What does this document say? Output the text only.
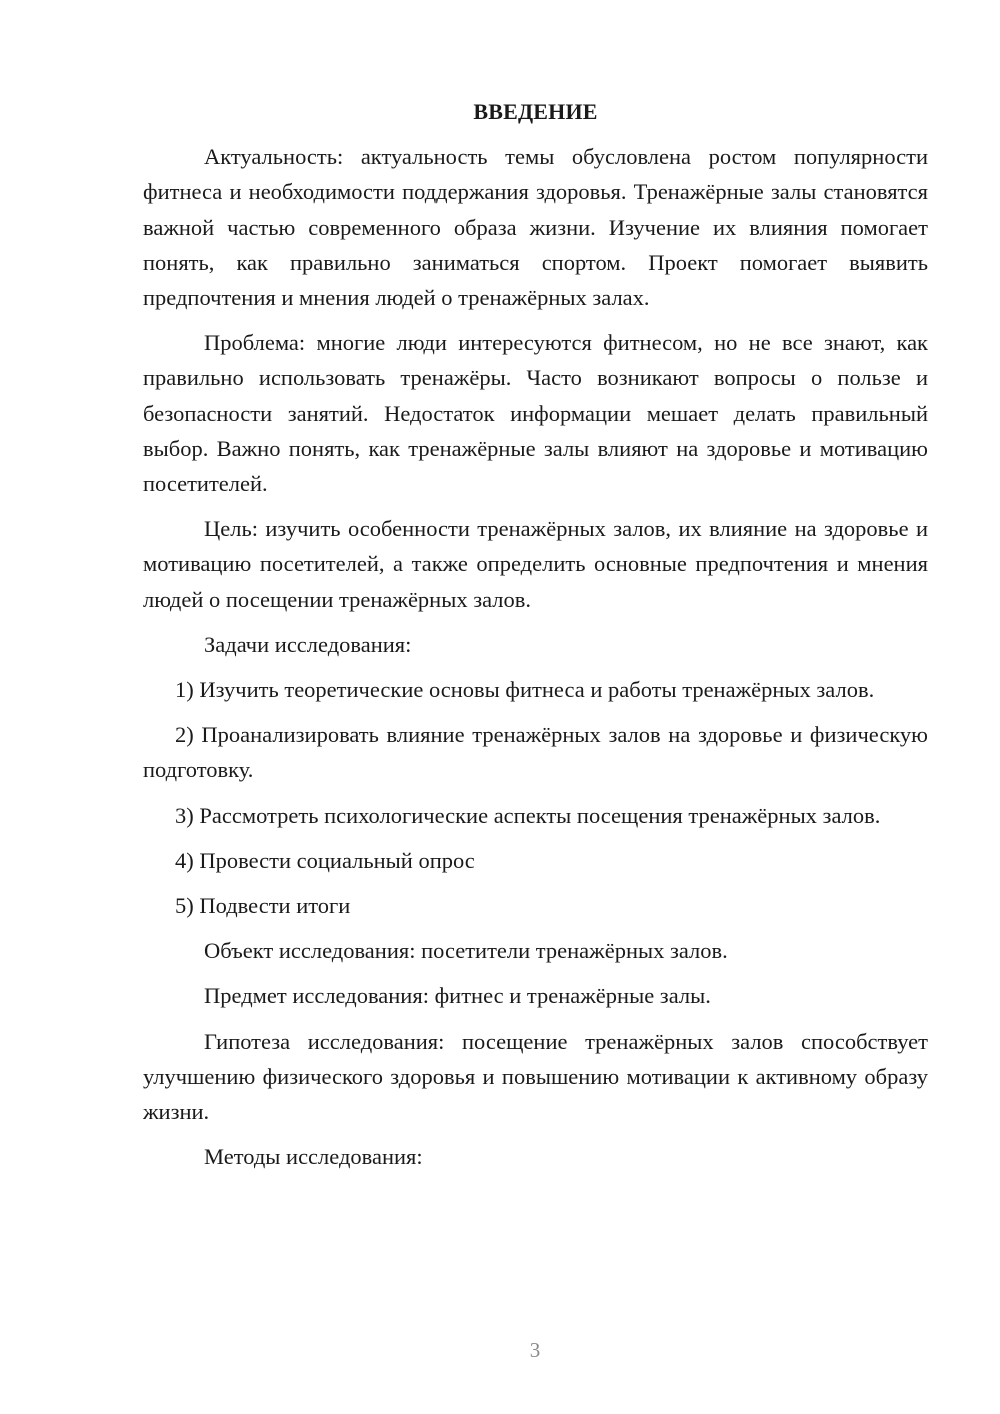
ВВЕДЕНИЕ

Актуальность: актуальность темы обусловлена ростом популярности фитнеса и необходимости поддержания здоровья. Тренажёрные залы становятся важной частью современного образа жизни. Изучение их влияния помогает понять, как правильно заниматься спортом. Проект помогает выявить предпочтения и мнения людей о тренажёрных залах.

Проблема: многие люди интересуются фитнесом, но не все знают, как правильно использовать тренажёры. Часто возникают вопросы о пользе и безопасности занятий. Недостаток информации мешает делать правильный выбор. Важно понять, как тренажёрные залы влияют на здоровье и мотивацию посетителей.

Цель: изучить особенности тренажёрных залов, их влияние на здоровье и мотивацию посетителей, а также определить основные предпочтения и мнения людей о посещении тренажёрных залов.

Задачи исследования:

1) Изучить теоретические основы фитнеса и работы тренажёрных залов.

2) Проанализировать влияние тренажёрных залов на здоровье и физическую подготовку.

3) Рассмотреть психологические аспекты посещения тренажёрных залов.

4) Провести социальный опрос

5) Подвести итоги

Объект исследования: посетители тренажёрных залов.

Предмет исследования: фитнес и тренажёрные залы.

Гипотеза исследования: посещение тренажёрных залов способствует улучшению физического здоровья и повышению мотивации к активному образу жизни.

Методы исследования:

3
